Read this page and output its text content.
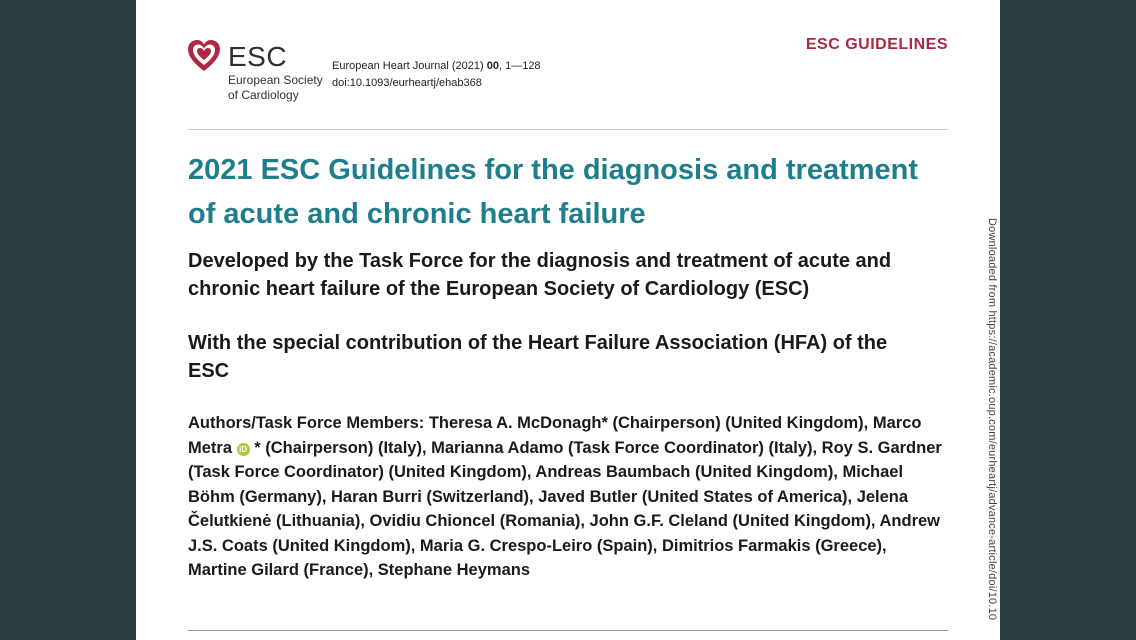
ESC
European Society
of Cardiology
European Heart Journal (2021) 00, 1—128
doi:10.1093/eurheartj/ehab368
ESC GUIDELINES
2021 ESC Guidelines for the diagnosis and treatment of acute and chronic heart failure
Developed by the Task Force for the diagnosis and treatment of acute and chronic heart failure of the European Society of Cardiology (ESC)
With the special contribution of the Heart Failure Association (HFA) of the ESC
Authors/Task Force Members: Theresa A. McDonagh* (Chairperson) (United Kingdom), Marco Metra iD * (Chairperson) (Italy), Marianna Adamo (Task Force Coordinator) (Italy), Roy S. Gardner (Task Force Coordinator) (United Kingdom), Andreas Baumbach (United Kingdom), Michael Böhm (Germany), Haran Burri (Switzerland), Javed Butler (United States of America), Jelena Čelutkienė (Lithuania), Ovidiu Chioncel (Romania), John G.F. Cleland (United Kingdom), Andrew J.S. Coats (United Kingdom), Maria G. Crespo-Leiro (Spain), Dimitrios Farmakis (Greece), Martine Gilard (France), Stephane Heymans	Downloaded from https://academic.oup.com/eurheartj/advance-article/doi/10.10
